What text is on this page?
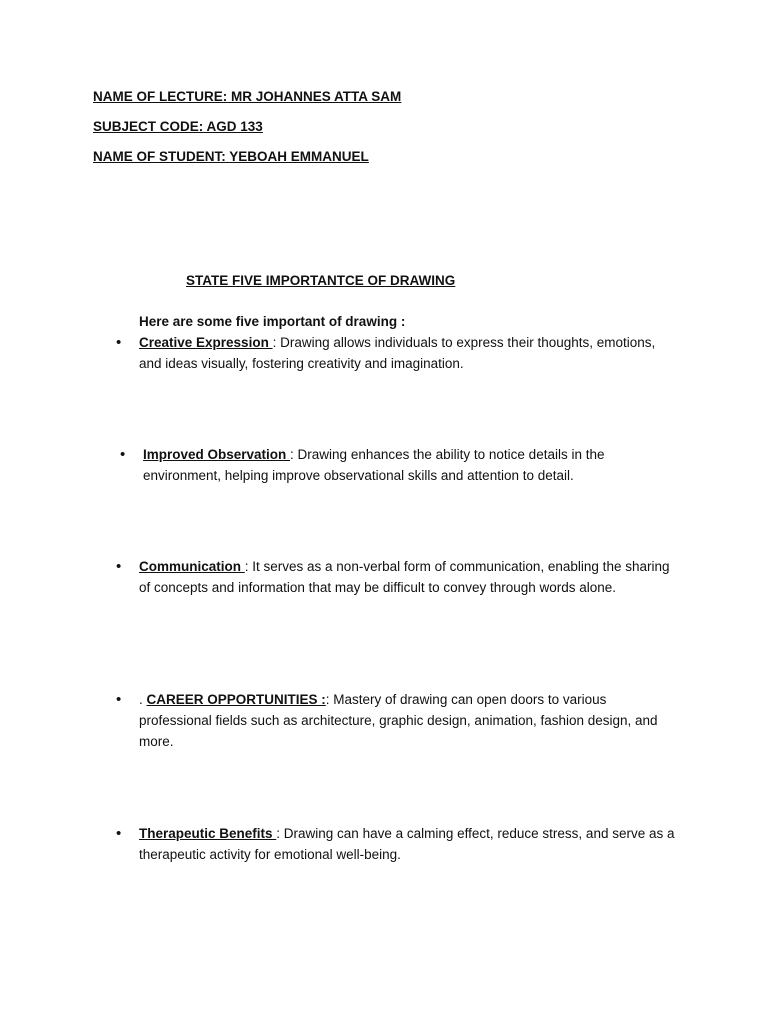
NAME OF LECTURE: MR JOHANNES ATTA SAM

SUBJECT CODE: AGD 133

NAME OF STUDENT: YEBOAH EMMANUEL

STATE FIVE IMPORTANTCE OF DRAWING

Here are some five important of drawing :

• Creative Expression : Drawing allows individuals to express their thoughts, emotions, and ideas visually, fostering creativity and imagination.

• Improved Observation : Drawing enhances the ability to notice details in the environment, helping improve observational skills and attention to detail.

• Communication : It serves as a non-verbal form of communication, enabling the sharing of concepts and information that may be difficult to convey through words alone.

• . CAREER OPPORTUNITIES :: Mastery of drawing can open doors to various professional fields such as architecture, graphic design, animation, fashion design, and more.

• Therapeutic Benefits : Drawing can have a calming effect, reduce stress, and serve as a therapeutic activity for emotional well-being.
